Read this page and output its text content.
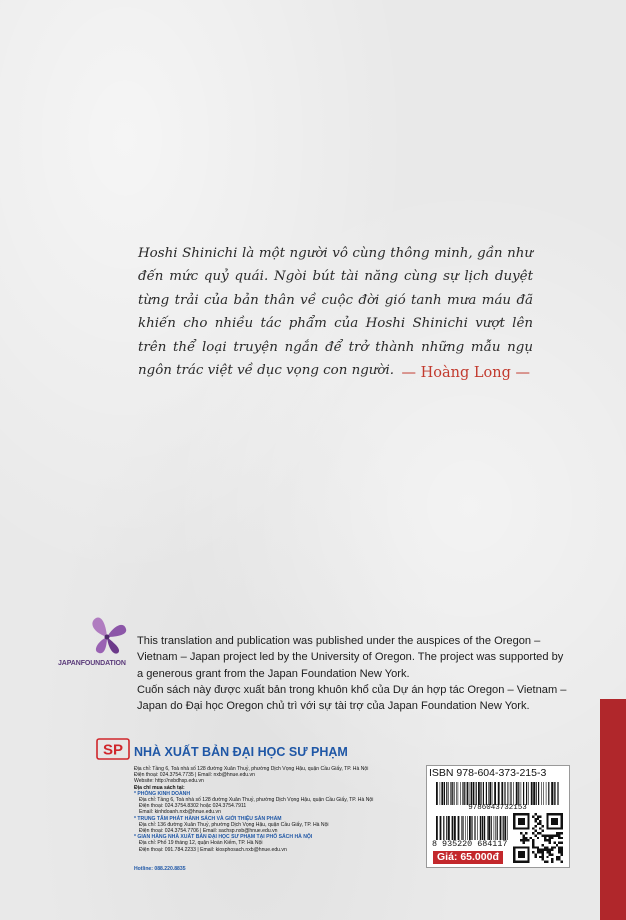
Hoshi Shinichi là một người vô cùng thông minh, gần như đến mức quỷ quái. Ngòi bút tài năng cùng sự lịch duyệt từng trải của bản thân về cuộc đời gió tanh mưa máu đã khiến cho nhiều tác phẩm của Hoshi Shinichi vượt lên trên thể loại truyện ngắn để trở thành những mẫu ngụ ngôn trác việt về dục vọng con người. — Hoàng Long —
JAPANFOUNDATION
This translation and publication was published under the auspices of the Oregon – Vietnam – Japan project led by the University of Oregon. The project was supported by a generous grant from the Japan Foundation New York.
Cuốn sách này được xuất bản trong khuôn khổ của Dự án hợp tác Oregon – Vietnam – Japan do Đại học Oregon chủ trì với sự tài trợ của Japan Foundation New York.
SP NHÀ XUẤT BẢN ĐẠI HỌC SƯ PHẠM
Địa chỉ: Tầng 6, Toà nhà số 128 đường Xuân Thuỷ, phường Dịch Vọng Hậu, quận Cầu Giấy, TP. Hà Nội
Điện thoại: 024.3754.7735 | Email: nxb@hnue.edu.vn
Website: http://nxbdhsp.edu.vn
Địa chỉ mua sách tại:
* PHÒNG KINH DOANH
Địa chỉ: Tầng 6, Toà nhà số 128 đường Xuân Thuỷ, phường Dịch Vọng Hậu, quận Cầu Giấy, TP. Hà Nội
Điện thoại: 024.3754.8302 hoặc 024.3754.7911
Email: kinhdoanh.nxb@hnue.edu.vn
* TRUNG TÂM PHÁT HÀNH SÁCH VÀ GIỚI THIỆU SẢN PHẨM
Địa chỉ: 136 đường Xuân Thuỷ, phường Dịch Vọng Hậu, quận Cầu Giấy, TP. Hà Nội
Điện thoại: 024.3754.7706 | Email: sachsp.nxb@hnue.edu.vn
* GIAN HÀNG NHÀ XUẤT BẢN ĐẠI HỌC SƯ PHẠM TẠI PHỐ SÁCH HÀ NỘI
Địa chỉ: Phố 19 tháng 12, quận Hoàn Kiếm, TP. Hà Nội
Điện thoại: 091.784.2233 | Email: kiosphosach.nxb@hnue.edu.vn
Hotline: 088.220.8835
ISBN 978-604-373-215-3
9786043732153
8 935220 684117
Giá: 65.000đ
